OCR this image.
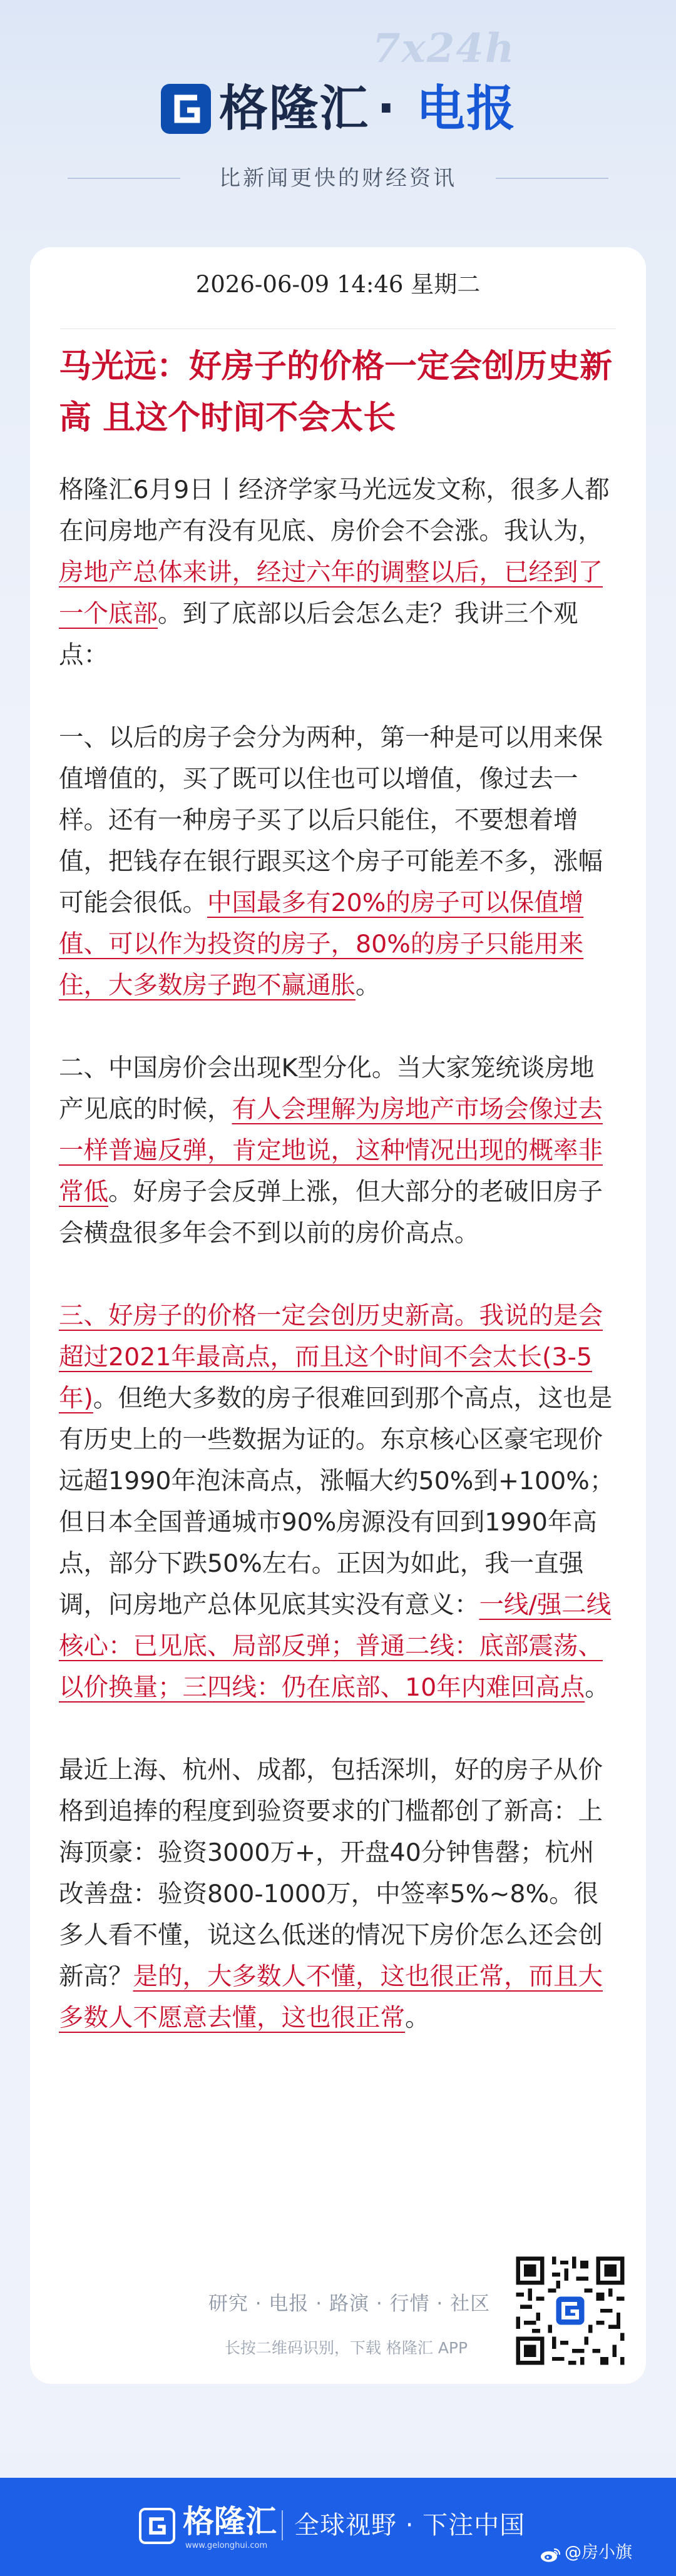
7x24h
格隆汇 · 电报
比新闻更快的财经资讯
2026-06-09 14:46 星期二
马光远：好房子的价格一定会创历史新高 且这个时间不会太长

格隆汇6月9日丨经济学家马光远发文称，很多人都在问房地产有没有见底、房价会不会涨。我认为，房地产总体来讲，经过六年的调整以后，已经到了一个底部。到了底部以后会怎么走？我讲三个观点：

一、以后的房子会分为两种，第一种是可以用来保值增值的，买了既可以住也可以增值，像过去一样。还有一种房子买了以后只能住，不要想着增值，把钱存在银行跟买这个房子可能差不多，涨幅可能会很低。中国最多有20%的房子可以保值增值、可以作为投资的房子，80%的房子只能用来住，大多数房子跑不赢通胀。

二、中国房价会出现K型分化。当大家笼统谈房地产见底的时候，有人会理解为房地产市场会像过去一样普遍反弹，肯定地说，这种情况出现的概率非常低。好房子会反弹上涨，但大部分的老破旧房子会横盘很多年会不到以前的房价高点。

三、好房子的价格一定会创历史新高。我说的是会超过2021年最高点，而且这个时间不会太长(3-5年)。但绝大多数的房子很难回到那个高点，这也是有历史上的一些数据为证的。东京核心区豪宅现价远超1990年泡沫高点，涨幅大约50%到+100%；但日本全国普通城市90%房源没有回到1990年高点，部分下跌50%左右。正因为如此，我一直强调，问房地产总体见底其实没有意义：一线/强二线核心：已见底、局部反弹；普通二线：底部震荡、以价换量；三四线：仍在底部、10年内难回高点。

最近上海、杭州、成都，包括深圳，好的房子从价格到追捧的程度到验资要求的门槛都创了新高：上海顶豪：验资3000万+，开盘40分钟售罄；杭州改善盘：验资800-1000万，中签率5%~8%。很多人看不懂，说这么低迷的情况下房价怎么还会创新高？是的，大多数人不懂，这也很正常，而且大多数人不愿意去懂，这也很正常。

研究 · 电报 · 路演 · 行情 · 社区
长按二维码识别，下载 格隆汇 APP
格隆汇
www.gelonghui.com
全球视野 · 下注中国
@房小旗
